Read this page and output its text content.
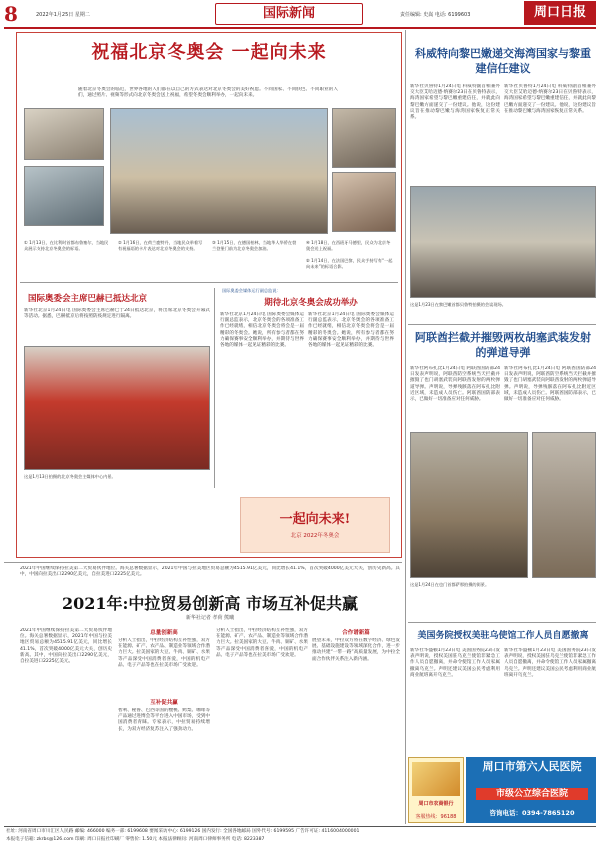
8	2022年1月25日 星期二	国际新闻	责任编辑: 史嵩 电话: 6199603	周口日报
祝福北京冬奥会 一起向未来
随着北京冬奥会的临近，世界各地的人们都在以自己的方式表达对北京冬奥会的美好祝愿。不同国家、不同肤色、不同职业的人们，通过照片、视频等形式向北京冬奥会送上祝福，希望冬奥会顺利举办，一起向未来。
① 1月13日，在比利时首都布鲁塞尔，当地民众展示支持北京冬奥会的标语。
② 1月16日，在荷兰鹿特丹，当地民众举着写有祝福语的卡片表达对北京冬奥会的支持。
③ 1月15日，在德国柏林，当地华人华侨在勃兰登堡门前为北京冬奥会加油。
④ 1月18日，在西班牙马德里，民众为北京冬奥会送上祝福。
⑤ 1月14日，在法国巴黎，民众手持写有“一起向未来”的标语合影。
国际奥委会主席巴赫已抵达北京
新华社北京1月24日电 国际奥委会主席巴赫已于24日抵达北京，将出席北京冬奥会开幕式等活动。据悉，巴赫抵京后将按照防疫规定进行隔离。
国际奥委会媒体运行副总监说：
期待北京冬奥会成功举办
新华社北京1月24日电 国际奥委会媒体运行副总监表示，北京冬奥会的各项准备工作已经就绪，相信北京冬奥会将会是一届精彩的冬奥会。她说，所有参与者都在努力确保赛事安全顺利举办，并期待与世界各地的媒体一起见证精彩的比赛。
新华社北京1月24日电 国际奥委会媒体运行副总监表示，北京冬奥会的各项准备工作已经就绪，相信北京冬奥会将会是一届精彩的冬奥会。她说，所有参与者都在努力确保赛事安全顺利举办，并期待与世界各地的媒体一起见证精彩的比赛。
这是1月13日拍摄的北京冬奥会主媒体中心内景。
一起向未来!
北京 2022年冬奥会
科威特向黎巴嫩递交海湾国家与黎重建信任建议
新华社贝鲁特1月24日电 科威特副首相兼外交大臣艾哈迈德·纳赛尔23日在贝鲁特表示，海湾国家希望与黎巴嫩重建信任，并就此向黎巴嫩方面递交了一份建议。他说，这份建议旨在推动黎巴嫩与海湾国家恢复正常关系。
新华社贝鲁特1月24日电 科威特副首相兼外交大臣艾哈迈德·纳赛尔23日在贝鲁特表示，海湾国家希望与黎巴嫩重建信任，并就此向黎巴嫩方面递交了一份建议。他说，这份建议旨在推动黎巴嫩与海湾国家恢复正常关系。
这是1月23日在黎巴嫩首都贝鲁特拍摄的会谈现场。
阿联酋拦截并摧毁两枚胡塞武装发射的弹道导弹
新华社阿布扎比1月24日电 阿联酋国防部24日发表声明说，阿联酋防空系统当天拦截并摧毁了也门胡塞武装向阿联酋发射的两枚弹道导弹。声明说，导弹残骸落在阿布扎比附近区域，未造成人员伤亡。阿联酋国防部表示，已做好一切准备应对任何威胁。
新华社阿布扎比1月24日电 阿联酋国防部24日发表声明说，阿联酋防空系统当天拦截并摧毁了也门胡塞武装向阿联酋发射的两枚弹道导弹。声明说，导弹残骸落在阿布扎比附近区域，未造成人员伤亡。阿联酋国防部表示，已做好一切准备应对任何威胁。
这是1月24日在也门首都萨那拍摄的街景。
美国务院授权美驻乌使馆工作人员自愿撤离
新华社华盛顿1月23日电 美国国务院23日发表声明说，授权美国驻乌克兰使馆非紧急工作人员自愿撤离，并命令使馆工作人员家属撤离乌克兰。声明还建议美国公民考虑利用商业航班离开乌克兰。
新华社华盛顿1月23日电 美国国务院23日发表声明说，授权美国驻乌克兰使馆非紧急工作人员自愿撤离，并命令使馆工作人员家属撤离乌克兰。声明还建议美国公民考虑利用商业航班离开乌克兰。
2021年中国继续保持拉美第二大贸易伙伴地位。海关总署数据显示，2021年中国与拉美地区贸易总额为4515.91亿美元，同比增长41.1%，首次突破4000亿美元大关，创历史新高。其中，中国向拉美出口2290亿美元，自拉美进口2225亿美元。
2021年:中拉贸易创新高 市场互补促共赢
新华社记者 孝荷 熊曦
2021年中国继续保持拉美第二大贸易伙伴地位。海关总署数据显示，2021年中国与拉美地区贸易总额为4515.91亿美元，同比增长41.1%，首次突破4000亿美元大关，创历史新高。其中，中国向拉美出口2290亿美元，自拉美进口2225亿美元。
总量创新高
分析人士指出，中拉经济结构互补性强，双方在能源、矿产、农产品、制造业等领域合作潜力巨大。拉美国家的大豆、牛肉、铜矿、水果等产品深受中国消费者喜爱，中国的机电产品、电子产品等也在拉美市场广受欢迎。
互补促共赢
智利、秘鲁、巴西等国的樱桃、鳄梨、咖啡等产品通过进博会等平台进入中国市场，受到中国消费者青睐。专家表示，中拉贸易持续增长，为双方经济复苏注入了强劲动力。
分析人士指出，中拉经济结构互补性强，双方在能源、矿产、农产品、制造业等领域合作潜力巨大。拉美国家的大豆、牛肉、铜矿、水果等产品深受中国消费者喜爱，中国的机电产品、电子产品等也在拉美市场广受欢迎。
合作谱新篇
展望未来，中拉双方将在数字经济、绿色发展、基础设施建设等领域深化合作，进一步推动共建“一带一路”高质量发展，为中拉全面合作伙伴关系注入新内涵。
周口市农商银行
客服热线：96188
周口市第六人民医院
市级公立综合医院
咨询电话：0394-7865120
社址: 河南省周口市川汇区人民路 邮编: 466000 编务一部: 6199608 要闻采访中心: 6199126 国内发行: 全国各地邮局 国外代号: 6199595 广告许可证: 4116004000001
本报电子信箱: zkrbs@126.com 印刷: 周口日报社印刷厂 零售价: 1.50元 本报法律顾问: 河南周口律师事务所 电话: 8223387
